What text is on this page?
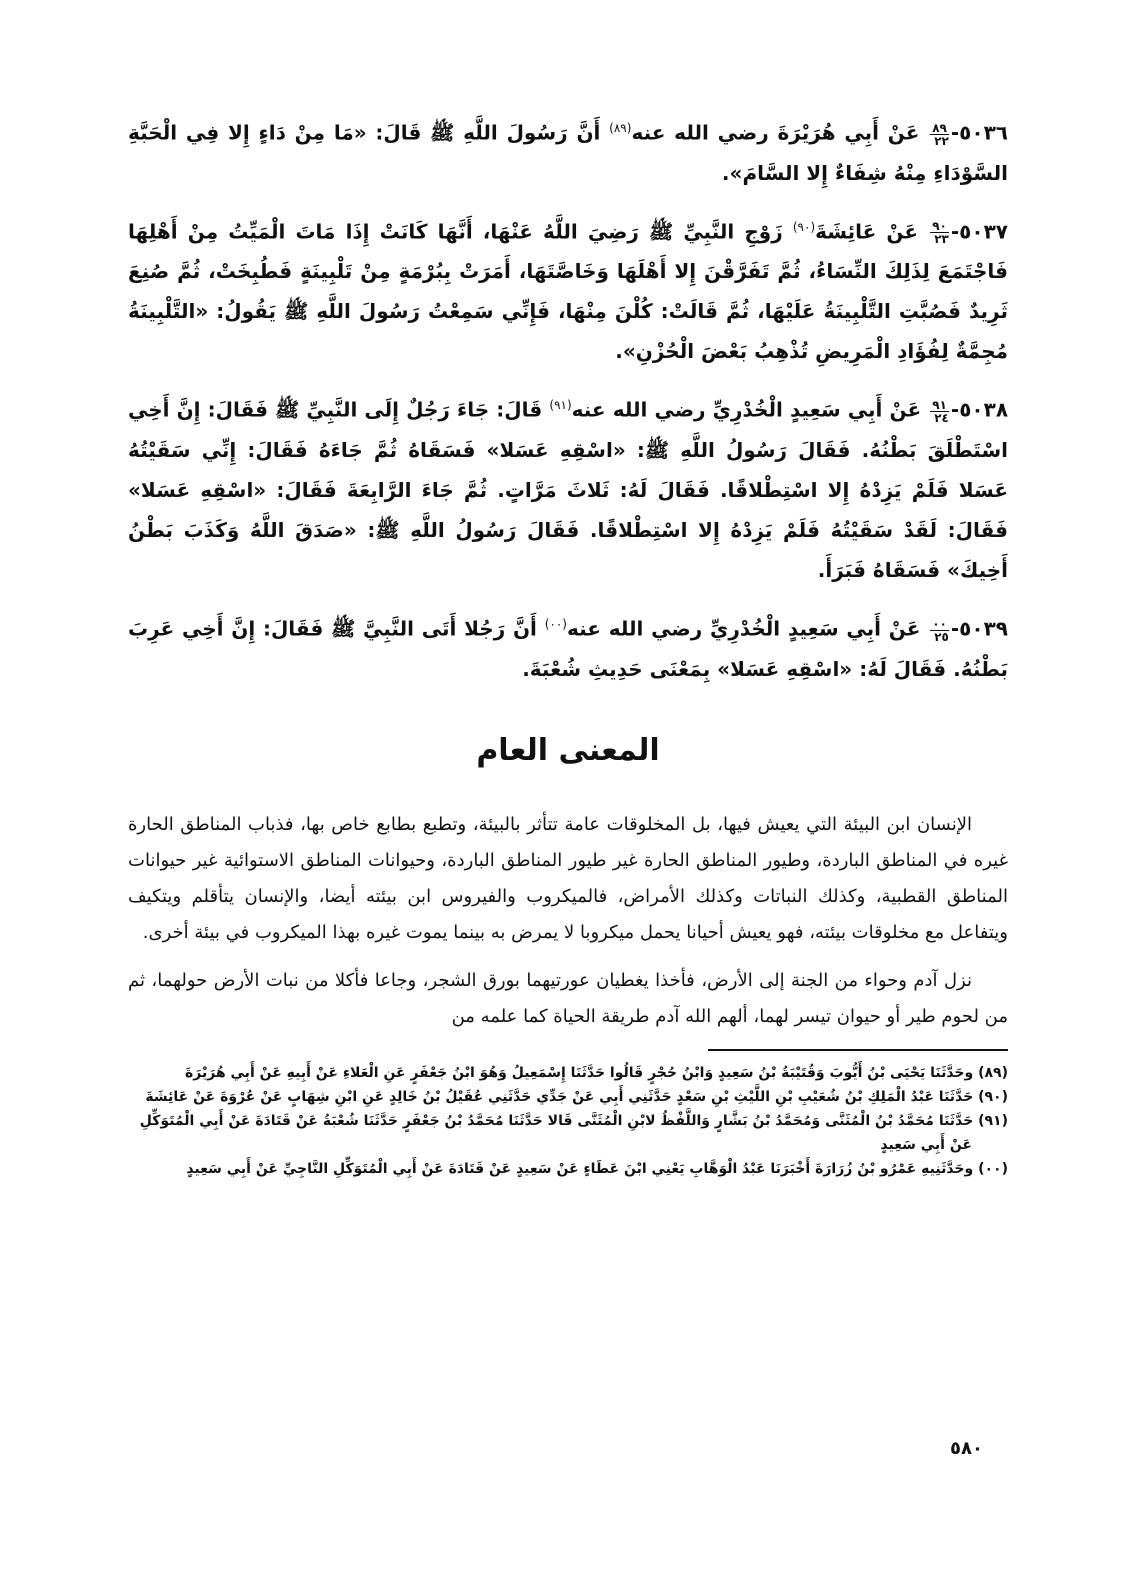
٥٠٣٦-
$\frac{٨٩}{٢٢}$
عَنْ أَبِي هُرَيْرَةَ رضي الله عنه$^{(٨٩)}$ أَنَّ رَسُولَ اللَّهِ ﷺ قَالَ: «مَا مِنْ دَاءٍ إِلا فِي الْحَبَّةِ السَّوْدَاءِ مِنْهُ شِفَاءٌ إِلا السَّامَ».

٥٠٣٧-
$\frac{٩٠}{٢٣}$
عَنْ عَائِشَةَ$^{(٩٠)}$ زَوْجِ النَّبِيِّ ﷺ رَضِيَ اللَّهُ عَنْهَا، أَنَّهَا كَانَتْ إِذَا مَاتَ الْمَيِّتُ مِنْ أَهْلِهَا فَاجْتَمَعَ لِذَلِكَ النِّسَاءُ، ثُمَّ تَفَرَّقْنَ إِلا أَهْلَهَا وَخَاصَّتَهَا، أَمَرَتْ بِبُرْمَةٍ مِنْ تَلْبِينَةٍ فَطُبِخَتْ، ثُمَّ صُنِعَ ثَرِيدٌ فَصُبَّتِ التَّلْبِينَةُ عَلَيْهَا، ثُمَّ قَالَتْ: كُلْنَ مِنْهَا، فَإِنِّي سَمِعْتُ رَسُولَ اللَّهِ ﷺ يَقُولُ: «التَّلْبِينَةُ مُجِمَّةٌ لِفُؤَادِ الْمَرِيضِ تُذْهِبُ بَعْضَ الْحُزْنِ».

٥٠٣٨-
$\frac{٩١}{٢٤}$
عَنْ أَبِي سَعِيدٍ الْخُدْرِيِّ رضي الله عنه$^{(٩١)}$ قَالَ: جَاءَ رَجُلٌ إِلَى النَّبِيِّ ﷺ فَقَالَ: إِنَّ أَخِي اسْتَطْلَقَ بَطْنُهُ. فَقَالَ رَسُولُ اللَّهِ ﷺ: «اسْقِهِ عَسَلا» فَسَقَاهُ ثُمَّ جَاءَهُ فَقَالَ: إِنِّي سَقَيْتُهُ عَسَلا فَلَمْ يَزِدْهُ إِلا اسْتِطْلاقًا. فَقَالَ لَهُ: ثَلاثَ مَرَّاتٍ. ثُمَّ جَاءَ الرَّابِعَةَ فَقَالَ: «اسْقِهِ عَسَلا» فَقَالَ: لَقَدْ سَقَيْتُهُ فَلَمْ يَزِدْهُ إِلا اسْتِطْلاقًا. فَقَالَ رَسُولُ اللَّهِ ﷺ: «صَدَقَ اللَّهُ وَكَذَبَ بَطْنُ أَخِيكَ» فَسَقَاهُ فَبَرَأَ.

٥٠٣٩-
$\frac{٠٠}{٢٥}$
عَنْ أَبِي سَعِيدٍ الْخُدْرِيِّ رضي الله عنه$^{(٠٠)}$ أَنَّ رَجُلا أَتَى النَّبِيَّ ﷺ فَقَالَ: إِنَّ أَخِي عَرِبَ بَطْنُهُ. فَقَالَ لَهُ: «اسْقِهِ عَسَلا» بِمَعْنَى حَدِيثِ شُعْبَةَ.

المعنى العام

الإنسان ابن البيئة التي يعيش فيها، بل المخلوقات عامة تتأثر بالبيئة، وتطبع بطابع خاص بها، فذباب المناطق الحارة غيره في المناطق الباردة، وطيور المناطق الحارة غير طيور المناطق الباردة، وحيوانات المناطق الاستوائية غير حيوانات المناطق القطبية، وكذلك النباتات وكذلك الأمراض، فالميكروب والفيروس ابن بيئته أيضا، والإنسان يتأقلم ويتكيف ويتفاعل مع مخلوقات بيئته، فهو يعيش أحيانا يحمل ميكروبا لا يمرض به بينما يموت غيره بهذا الميكروب في بيئة أخرى.

نزل آدم وحواء من الجنة إلى الأرض، فأخذا يغطيان عورتيهما بورق الشجر، وجاعا فأكلا من نبات الأرض حولهما، ثم من لحوم طير أو حيوان تيسر لهما، ألهم الله آدم طريقة الحياة كما علمه من

(٨٩) وحَدَّثَنَا يَحْيَى بْنُ أَيُّوبَ وَقُتَيْبَةُ بْنُ سَعِيدٍ وَابْنُ حُجْرٍ قَالُوا حَدَّثَنَا إِسْمَعِيلُ وَهُوَ ابْنُ جَعْفَرٍ عَنِ الْعَلاءِ عَنْ أَبِيهِ عَنْ أَبِي هُرَيْرَةَ

(٩٠) حَدَّثَنَا عَبْدُ الْمَلِكِ بْنُ شُعَيْبِ بْنِ اللَّيْثِ بْنِ سَعْدٍ حَدَّثَنِي أَبِي عَنْ جَدِّي حَدَّثَنِي عُقَيْلُ بْنُ خَالِدٍ عَنِ ابْنِ شِهَابٍ عَنْ عُرْوَةَ عَنْ عَائِشَةَ

(٩١) حَدَّثَنَا مُحَمَّدُ بْنُ الْمُثَنَّى وَمُحَمَّدُ بْنُ بَشَّارٍ وَاللَّفْظُ لابْنِ الْمُثَنَّى قَالا حَدَّثَنَا مُحَمَّدُ بْنُ جَعْفَرٍ حَدَّثَنَا شُعْبَةُ عَنْ قَتَادَةَ عَنْ أَبِي الْمُتَوَكِّلِ عَنْ أَبِي سَعِيدٍ

(٠٠) وحَدَّثَنِيهِ عَمْرُو بْنُ زُرَارَةَ أَخْبَرَنَا عَبْدُ الْوَهَّابِ يَعْنِي ابْنَ عَطَاءٍ عَنْ سَعِيدٍ عَنْ قَتَادَةَ عَنْ أَبِي الْمُتَوَكِّلِ النَّاجِيِّ عَنْ أَبِي سَعِيدٍ

٥٨٠
